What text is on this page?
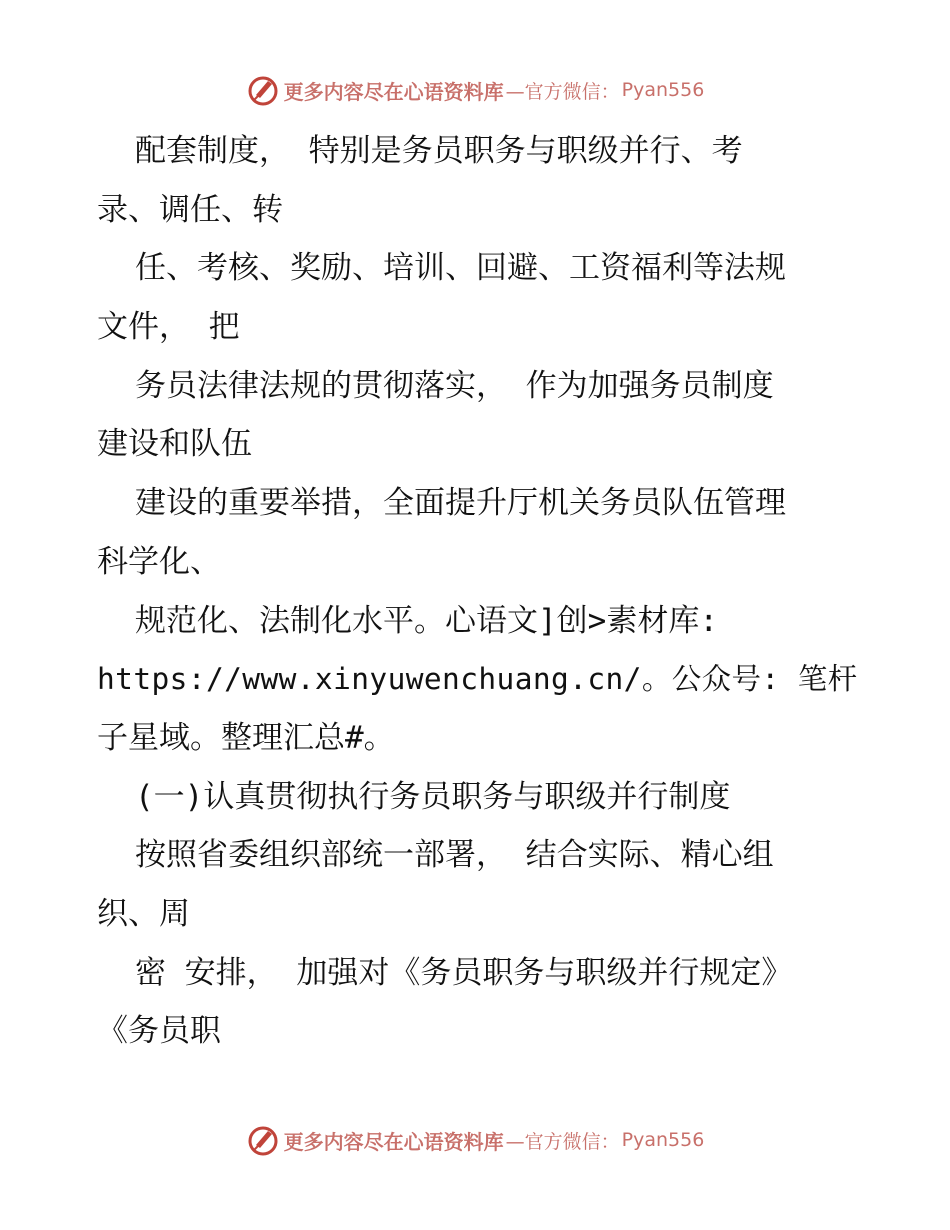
更多内容尽在心语资料库 —官方微信： Pyan556
配套制度， 特别是务员职务与职级并行、考
录、调任、转
任、考核、奖励、培训、回避、工资福利等法规
文件， 把
务员法律法规的贯彻落实， 作为加强务员制度
建设和队伍
建设的重要举措，全面提升厅机关务员队伍管理
科学化、
规范化、法制化水平。心语文]创>素材库:
https://www.xinyuwenchuang.cn/。公众号: 笔杆
子星域。整理汇总#。
(一)认真贯彻执行务员职务与职级并行制度
按照省委组织部统一部署， 结合实际、精心组
织、周
密 安排， 加强对《务员职务与职级并行规定》
《务员职
更多内容尽在心语资料库 —官方微信： Pyan556
